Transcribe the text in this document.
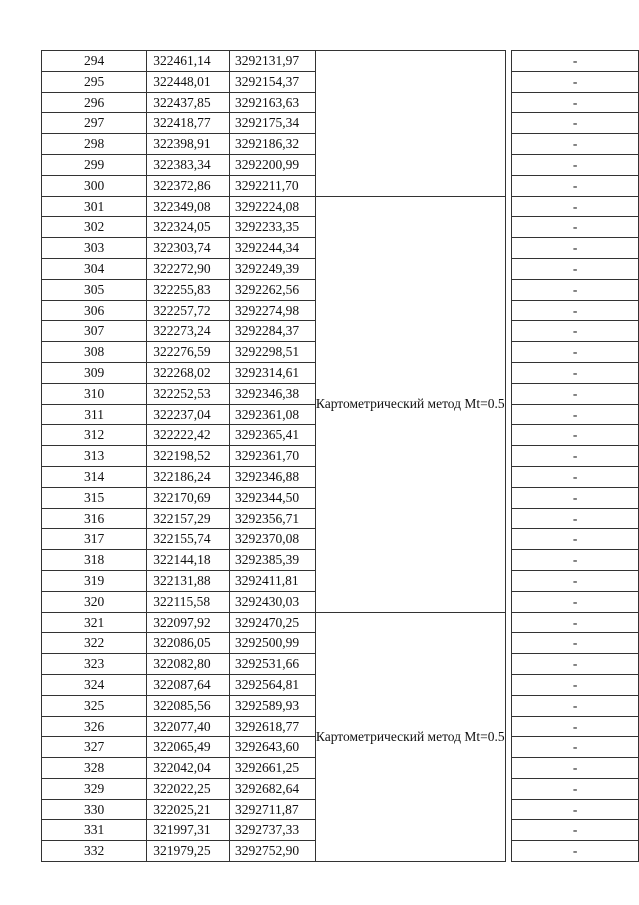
294	322461,14	3292131,97			-
295	322448,01	3292154,37			-
296	322437,85	3292163,63			-
297	322418,77	3292175,34			-
298	322398,91	3292186,32			-
299	322383,34	3292200,99			-
300	322372,86	3292211,70			-
301	322349,08	3292224,08	Картометрический метод Mt=0.5		-
302	322324,05	3292233,35			-
303	322303,74	3292244,34			-
304	322272,90	3292249,39			-
305	322255,83	3292262,56			-
306	322257,72	3292274,98			-
307	322273,24	3292284,37			-
308	322276,59	3292298,51			-
309	322268,02	3292314,61			-
310	322252,53	3292346,38			-
311	322237,04	3292361,08			-
312	322222,42	3292365,41			-
313	322198,52	3292361,70			-
314	322186,24	3292346,88			-
315	322170,69	3292344,50			-
316	322157,29	3292356,71			-
317	322155,74	3292370,08			-
318	322144,18	3292385,39			-
319	322131,88	3292411,81			-
320	322115,58	3292430,03			-
321	322097,92	3292470,25	Картометрический метод Mt=0.5		-
322	322086,05	3292500,99			-
323	322082,80	3292531,66			-
324	322087,64	3292564,81			-
325	322085,56	3292589,93			-
326	322077,40	3292618,77			-
327	322065,49	3292643,60			-
328	322042,04	3292661,25			-
329	322022,25	3292682,64			-
330	322025,21	3292711,87			-
331	321997,31	3292737,33			-
332	321979,25	3292752,90			-
